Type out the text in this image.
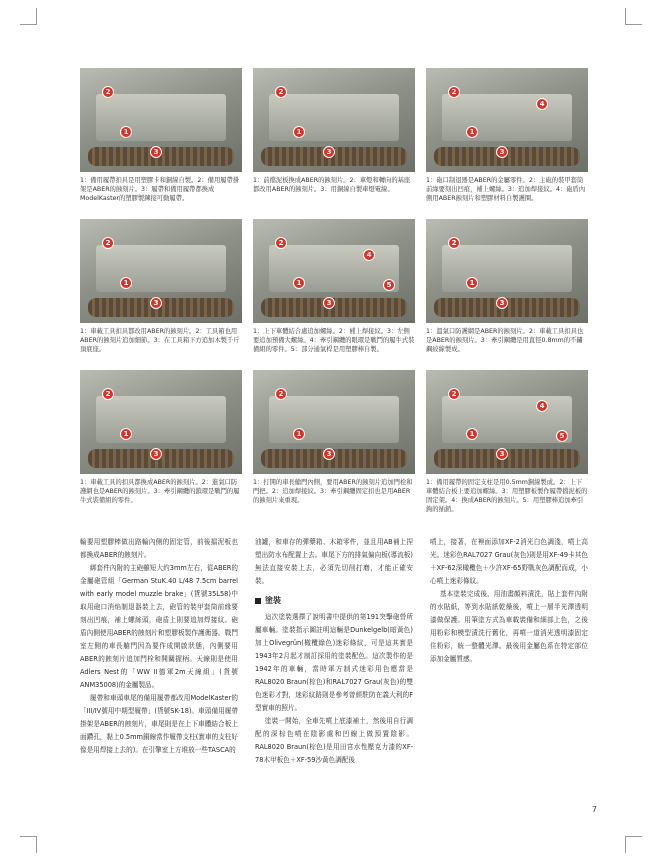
1
2
3
1：備用履帶扣具是用塑膠卡和銅線自製。2：備用履帶掛架是ABER的蝕刻片。3：履帶和備用履帶都換成ModelKaster的塑膠製鍊接可動履帶。
1
2
3
1：前擋泥板換成ABER的蝕刻片。2：車燈和轉向的基座都改用ABER的蝕刻片。3：用銅線自製車燈電線。
1
2
3
4
1：砲口制退器是ABER的金屬零件。2：主砲的裝甲套筒前緣要刻出凹痕，補上螺絲。3：追加焊接紋。4：砲盾內側用ABER蝕刻片和塑膠材料自製護圈。
1
2
3
1：車載工具扣具都改用ABER的蝕刻片。2：工具箱也用ABER的蝕刻片追加細節。3：在工具箱下方追加木製千斤頂底座。
1
2
3
4
5
1：上下車體結合處追加螺絲。2：補上焊接紋。3：左側要追加預備大螺絲。4：牽引鋼纜的眼環是戰鬥的履牛式裝備組的零件。5：部分通氣桿是用塑膠棒自製。
1
2
3
1：溫氣口防護網是ABER的蝕刻片。2：車載工具扣具也是ABER的蝕刻片。3：牽引鋼纜是用直徑0.8mm的不鏽鋼絞線製成。
1
2
3
1：車載工具的扣具都換成ABER的蝕刻片。2：進氣口防護網也是ABER的蝕刻片。3：牽引鋼纜的鎖環是戰鬥的履牛式裝備組的零件。
1
2
3
1：打開的車長艙門內側，要用ABER的蝕刻片追加門栓和門把。2：追加焊接紋。3：牽引鋼纜固定扣也是用ABER的蝕刻片來重現。
1
2
3
4
5
1：備用履帶的固定支柱是用0.5mm銅線製成。2：上下車體結合板上要追加螺絲。3：用塑膠板製作履帶擋泥板的固定架。4：換成ABER的蝕刻片。5：用塑膠棒追加牽引鉤的插銷。

輪要用塑膠棒做出路輪內側的固定管，前後擋泥板也都換成ABER的蝕刻片。

綁套件內附的主砲雖短大約3mm左右，從ABER的金屬砲管組「German StuK.40 L/48 7.5cm barrel with early model muzzle brake」(貨號35L58)中取用砲口消焰制退器裝上去，砲管的裝甲套筒前緣要刻出凹痕，補上螺絲頭，砲盾上則要追加焊接紋。砲盾內側使用ABER的蝕刻片和塑膠板製作護衛器。戰鬥室左側的車長艙門因為要作成開啟狀態，內側要用ABER的蝕刻片追加門栓和開關握柄。天線則是使用Adlers Nest的「WW II德軍2m天線組」(貨號ANM35008)的金屬製品。

履帶和車頭車尾的備用履帶都改用ModelKaster的「III/IV號用中期型履帶」(貨號SK-18)。車頭備用履帶掛架是ABER的蝕刻片，車尾則是在上下車體結合板上面鑽孔，黏上0.5mm銅線當作履帶支柱(實車的支柱好像是用焊接上去的)。在引擎室上方堆放一些TASCA的

油罐，和車存的彈藥箱、木箱零件，並且用AB補上捏塑出防水布配置上去。車尾下方的排氣偏向板(導流板)無法直接安裝上去，必須先切削打磨，才能正確安裝。

塗裝

這次塗裝選擇了說明書中提供的第191突擊砲營所屬車輛。塗裝指示圖註明這輛是Dunkelgelb(暗黃色)加上Olivegrün(橄欖綠色)迷彩條紋，可是這其實是1943年2月起才制訂採用的塗裝配色。這次製作的是1942年的車輛，當時軍方制式迷彩用色應當是RAL8020 Braun(棕色)和RAL7027 Grau(灰色)的雙色迷彩才對，迷彩紋路則是參考曾經駐防在義大利的F型實車的照片。

塗裝一開始，全車先噴上底漆補土，然後用自行調配的深棕色噴在陰影處和凹線上做預置陰影。RAL8020 Braun(棕色)是用田宮水性壓克力漆的XF-78木甲板色＋XF-59沙黃色調配後

噴上，接著，在裡面添加XF-2消光白色調淺，噴上高光。迷彩色RAL7027 Grau(灰色)則是用XF-49卡其色＋XF-62深橄欖色＋少許XF-65野戰灰色調配而成，小心噴上迷彩條紋。

基本塗裝完成後，用油畫顏料漬洗，貼上套件內附的水貼紙，等到水貼紙乾燥後，噴上一層半光澤透明漆做保護。用筆塗方式為車載裝備和細部上色，之後用粉彩和模型漬洗行舊化，再噴一道消光透明漆固定住粉彩，統一整體光澤。最後用金屬色系在特定部位添加金屬質感。

7
